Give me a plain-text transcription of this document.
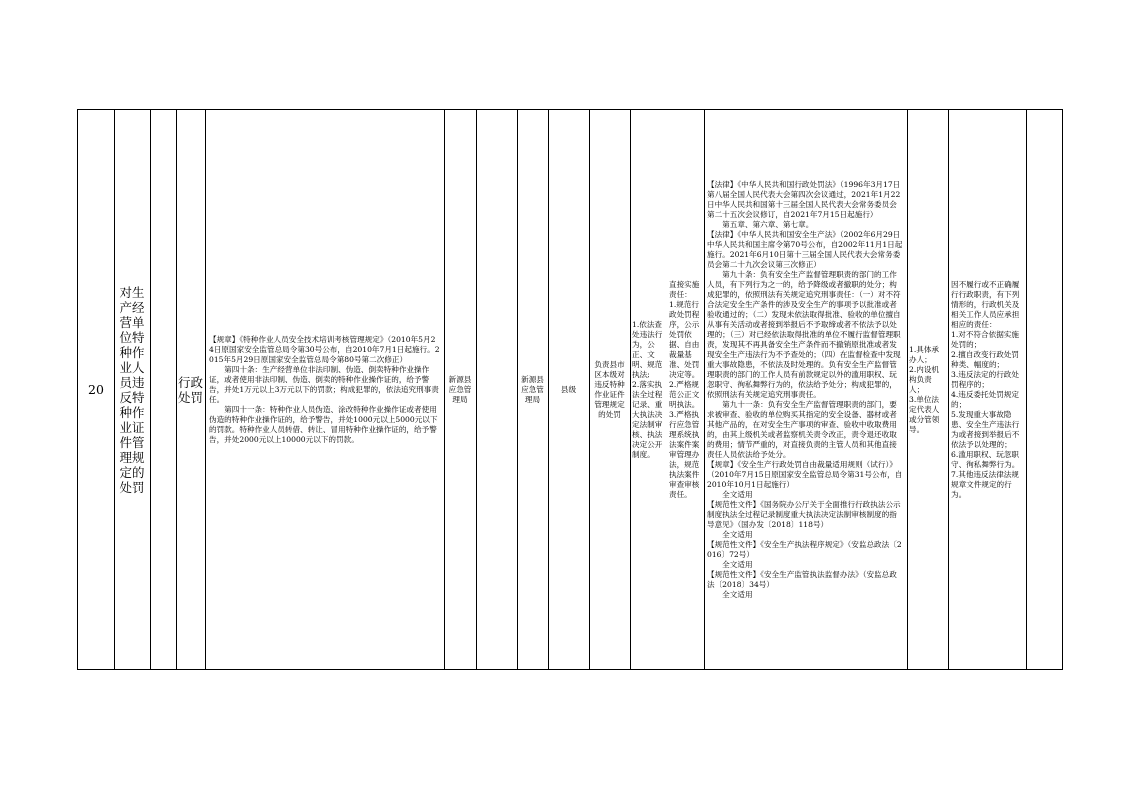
20
对生产经营单位特种作业人员违反特种作业证件管理规定的处罚
行政处罚
【规章】《特种作业人员安全技术培训考核管理规定》（2010年5月24日原国家安全监管总局令第30号公布，自2010年7月1日起施行。2015年5月29日原国家安全监管总局令第80号第二次修正）
　　第四十条：生产经营单位非法印制、伪造、倒卖特种作业操作证，或者使用非法印制、伪造、倒卖的特种作业操作证的，给予警告，并处1万元以上3万元以下的罚款；构成犯罪的，依法追究刑事责任。
　　第四十一条：特种作业人员伪造、涂改特种作业操作证或者使用伪造的特种作业操作证的，给予警告，并处1000元以上5000元以下的罚款。特种作业人员转借、转让、冒用特种作业操作证的，给予警告，并处2000元以上10000元以下的罚款。
新源县应急管理局
新源县应急管理局
县级
负责县市区本级对违反特种作业证件管理规定的处罚
1.依法查处违法行为，公正、文明、规范执法;
2.落实执法全过程记录、重大执法决定法制审核、执法决定公开制度。
直接实施责任：
1.规范行政处罚程序，公示处罚依据、自由裁量基准、处罚决定等。
2.严格规范公正文明执法。
3.严格执行应急管理系统执法案件案审管理办法，规范执法案件审查审核责任。
【法律】《中华人民共和国行政处罚法》（1996年3月17日第八届全国人民代表大会第四次会议通过，2021年1月22日中华人民共和国第十三届全国人民代表大会常务委员会第二十五次会议修订，自2021年7月15日起施行）
　　第五章、第六章、第七章。
【法律】《中华人民共和国安全生产法》（2002年6月29日中华人民共和国主席令第70号公布，自2002年11月1日起施行。2021年6月10日第十三届全国人民代表大会常务委员会第二十九次会议第三次修正）
　　第九十条：负有安全生产监督管理职责的部门的工作人员，有下列行为之一的，给予降级或者撤职的处分；构成犯罪的，依照刑法有关规定追究刑事责任：（一）对不符合法定安全生产条件的涉及安全生产的事项予以批准或者验收通过的；（二）发现未依法取得批准、验收的单位擅自从事有关活动或者接到举报后不予取缔或者不依法予以处理的；（三）对已经依法取得批准的单位不履行监督管理职责，发现其不再具备安全生产条件而不撤销原批准或者发现安全生产违法行为不予查处的；（四）在监督检查中发现重大事故隐患，不依法及时处理的。负有安全生产监督管理职责的部门的工作人员有前款规定以外的滥用职权、玩忽职守、徇私舞弊行为的，依法给予处分；构成犯罪的，依照刑法有关规定追究刑事责任。
　　第九十一条：负有安全生产监督管理职责的部门，要求被审查、验收的单位购买其指定的安全设备、器材或者其他产品的，在对安全生产事项的审查、验收中收取费用的，由其上级机关或者监察机关责令改正，责令退还收取的费用；情节严重的，对直接负责的主管人员和其他直接责任人员依法给予处分。
【规章】《安全生产行政处罚自由裁量适用规则（试行）》（2010年7月15日原国家安全监管总局令第31号公布，自2010年10月1日起施行）
　　全文适用
【规范性文件】《国务院办公厅关于全面推行行政执法公示制度执法全过程记录制度重大执法决定法制审核制度的指导意见》（国办发〔2018〕118号）
　　全文适用
【规范性文件】《安全生产执法程序规定》（安监总政法〔2016〕72号）
　　全文适用
【规范性文件】《安全生产监管执法监督办法》（安监总政法〔2018〕34号）
　　全文适用
1.具体承办人；
2.内设机构负责人；
3.单位法定代表人或分管领导。
因不履行或不正确履行行政职责，有下列情形的，行政机关及相关工作人员应承担相应的责任：
1.对不符合依据实施处罚的；
2.擅自改变行政处罚种类、幅度的；
3.违反法定的行政处罚程序的；
4.违反委托处罚规定的；
5.发现重大事故隐患、安全生产违法行为或者接到举报后不依法予以处理的；
6.滥用职权、玩忽职守、徇私舞弊行为。
7.其他违反法律法规规章文件规定的行为。
